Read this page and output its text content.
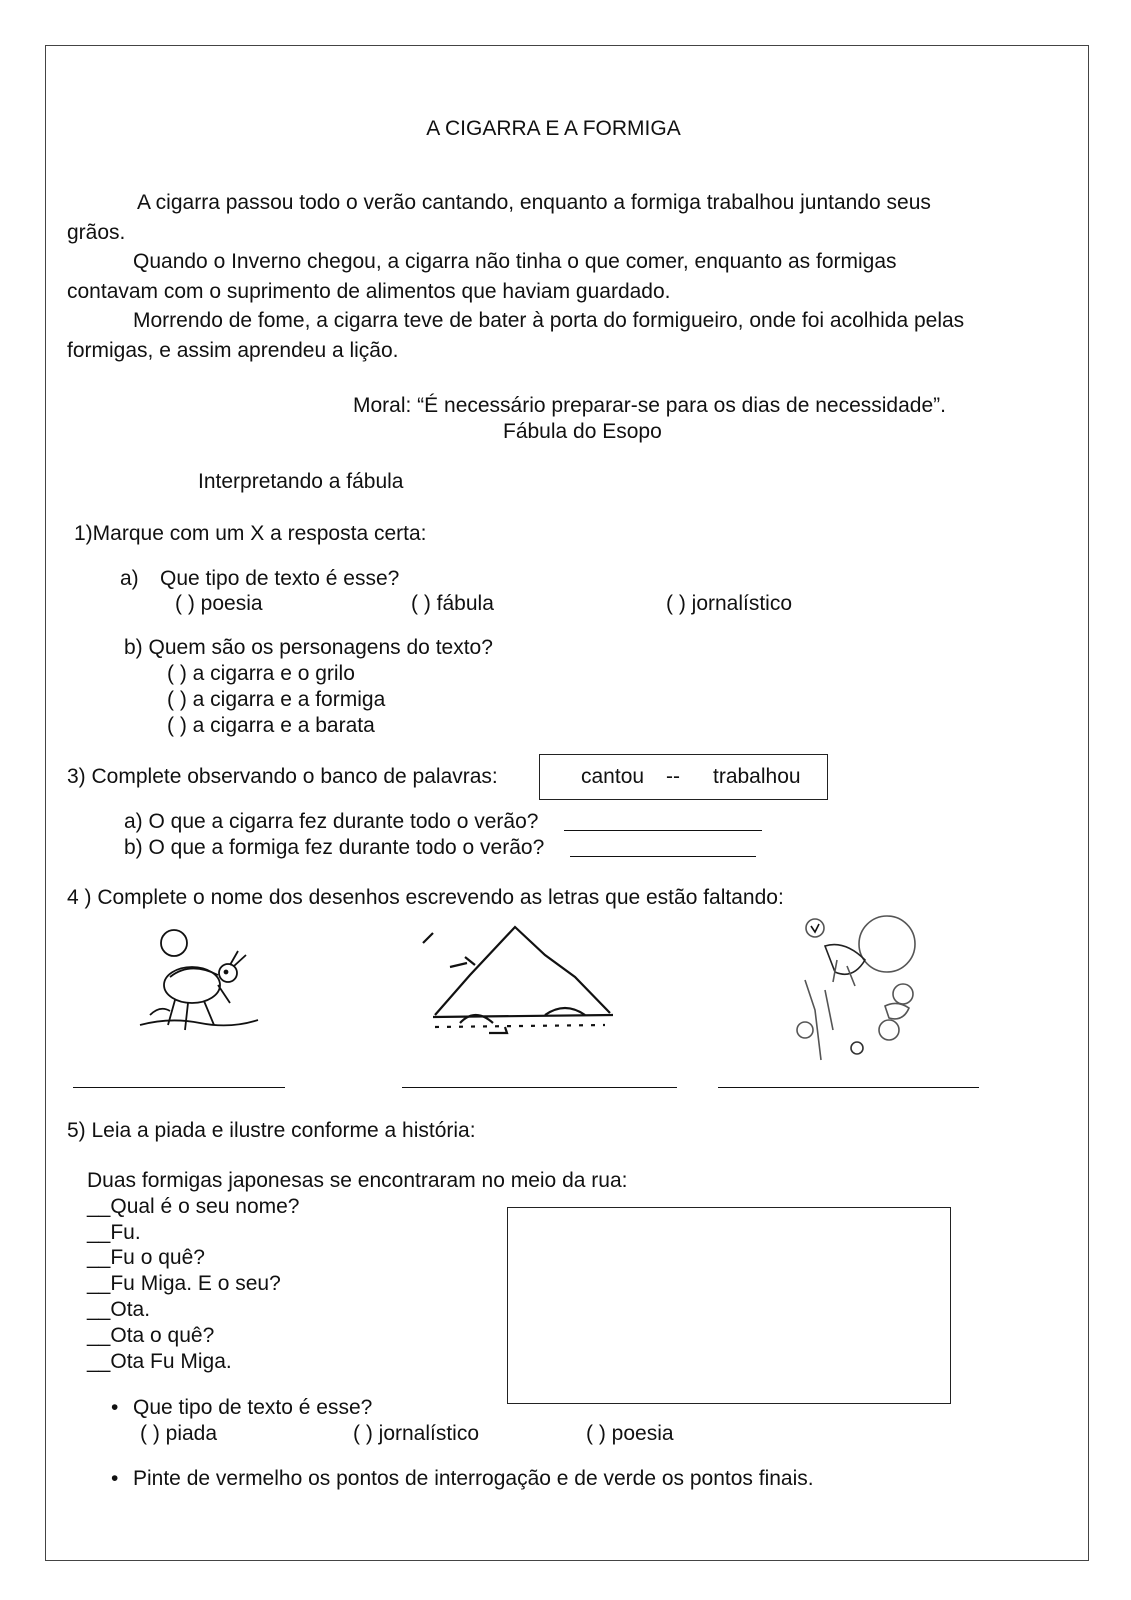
A CIGARRA E A FORMIGA
A cigarra passou todo o verão cantando, enquanto a formiga trabalhou juntando seus
grãos.
Quando o Inverno chegou, a cigarra não tinha o que comer, enquanto as formigas
contavam com o suprimento de alimentos que haviam guardado.
Morrendo de fome, a cigarra teve de bater à porta do formigueiro, onde foi acolhida pelas
formigas, e assim aprendeu a lição.
Moral: “É necessário preparar-se para os dias de necessidade”.
Fábula do Esopo
Interpretando a fábula
1)Marque com um X a resposta certa:
a) Que tipo de texto é esse?
( ) poesia	( ) fábula	( ) jornalístico
b) Quem são os personagens do texto?
( ) a cigarra e o grilo
( ) a cigarra e a formiga
( ) a cigarra e a barata
3) Complete observando o banco de palavras:	cantou -- trabalhou
a) O que a cigarra fez durante todo o verão?
b) O que a formiga fez durante todo o verão?
4 ) Complete o nome dos desenhos escrevendo as letras que estão faltando:
5) Leia a piada e ilustre conforme a história:
Duas formigas japonesas se encontraram no meio da rua:
__Qual é o seu nome?
__Fu.
__Fu o quê?
__Fu Miga. E o seu?
__Ota.
__Ota o quê?
__Ota Fu Miga.
• Que tipo de texto é esse?
( ) piada	( ) jornalístico	( ) poesia
• Pinte de vermelho os pontos de interrogação e de verde os pontos finais.
